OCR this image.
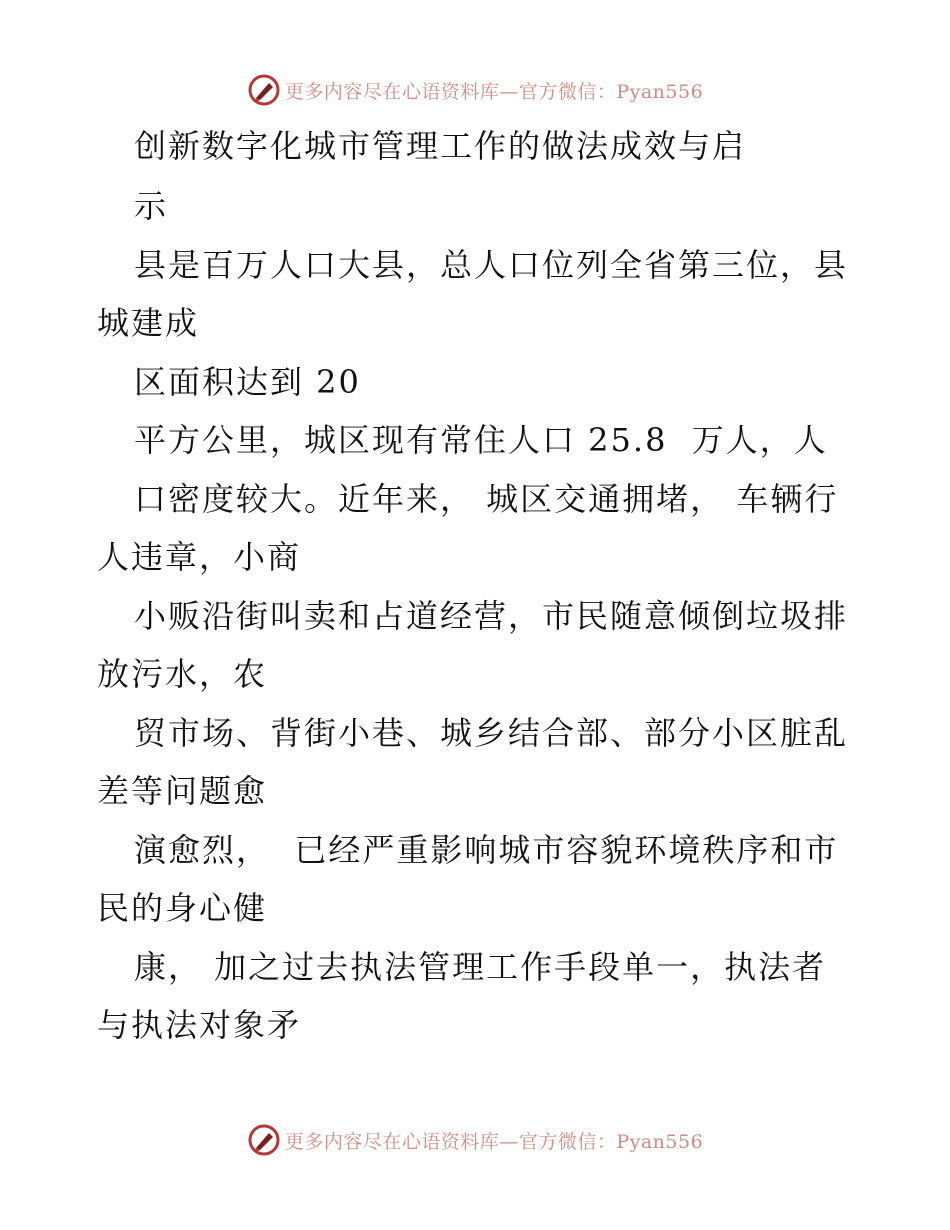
更多内容尽在心语资料库—官方微信：Pyan556
创新数字化城市管理工作的做法成效与启
示
县是百万人口大县，总人口位列全省第三位，县
城建成
区面积达到 20
平方公里，城区现有常住人口 25.8  万人，人
口密度较大。近年来， 城区交通拥堵， 车辆行
人违章，小商
小贩沿街叫卖和占道经营，市民随意倾倒垃圾排
放污水，农
贸市场、背街小巷、城乡结合部、部分小区脏乱
差等问题愈
演愈烈，  已经严重影响城市容貌环境秩序和市
民的身心健
康， 加之过去执法管理工作手段单一，执法者
与执法对象矛
更多内容尽在心语资料库—官方微信：Pyan556
